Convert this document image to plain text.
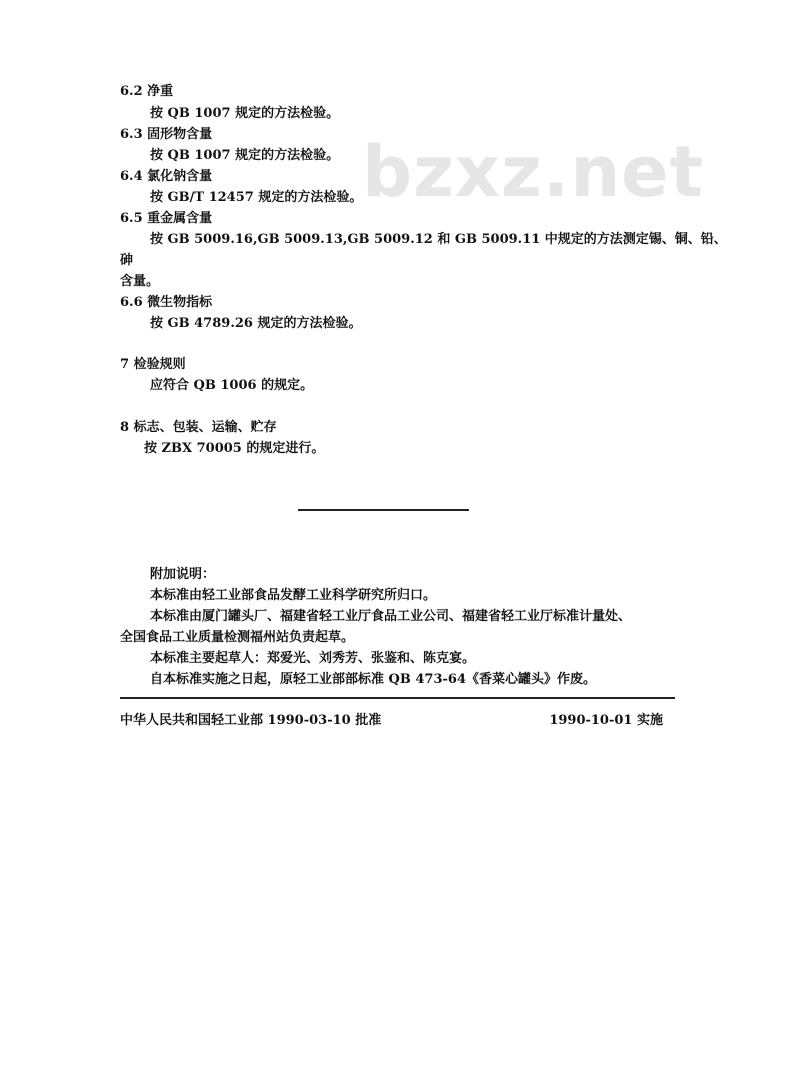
bzxz.net
6.2 净重
按 QB 1007 规定的方法检验。
6.3 固形物含量
按 QB 1007 规定的方法检验。
6.4 氯化钠含量
按 GB/T 12457 规定的方法检验。
6.5 重金属含量
按 GB 5009.16,GB 5009.13,GB 5009.12 和 GB 5009.11 中规定的方法测定锡、铜、铅、
砷
含量。
6.6 微生物指标
按 GB 4789.26 规定的方法检验。
7 检验规则
应符合 QB 1006 的规定。
8 标志、包装、运输、贮存
按 ZBX 70005 的规定进行。
附加说明：
本标准由轻工业部食品发酵工业科学研究所归口。
本标准由厦门罐头厂、福建省轻工业厅食品工业公司、福建省轻工业厅标准计量处、
全国食品工业质量检测福州站负责起草。
本标准主要起草人：郑爱光、刘秀芳、张鉴和、陈克宴。
自本标准实施之日起，原轻工业部部标准 QB 473-64《香菜心罐头》作废。
中华人民共和国轻工业部 1990-03-10 批准	1990-10-01 实施
